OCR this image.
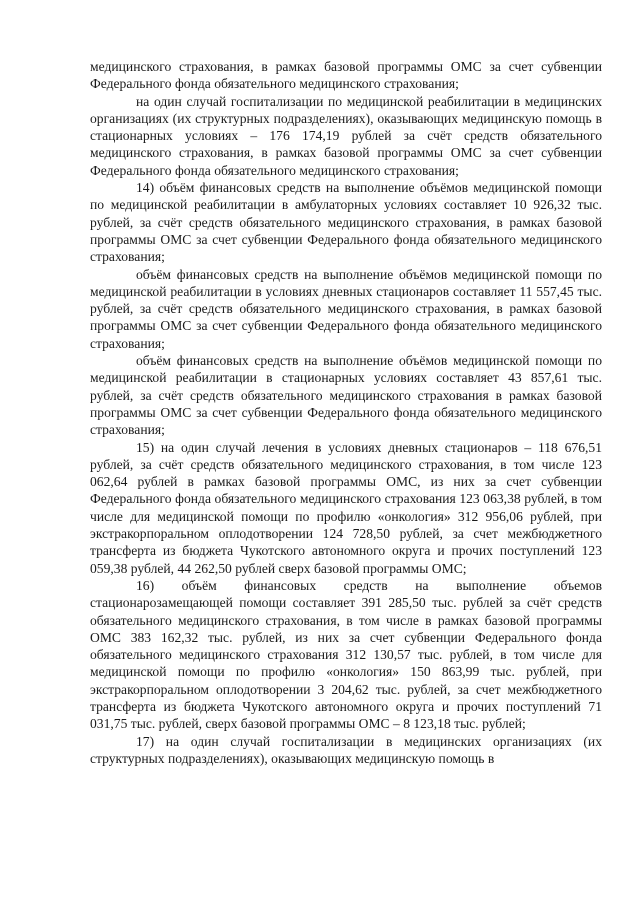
медицинского страхования, в рамках базовой программы ОМС за счет субвенции Федерального фонда обязательного медицинского страхования;

на один случай госпитализации по медицинской реабилитации в медицинских организациях (их структурных подразделениях), оказывающих медицинскую помощь в стационарных условиях – 176 174,19 рублей за счёт средств обязательного медицинского страхования, в рамках базовой программы ОМС за счет субвенции Федерального фонда обязательного медицинского страхования;

14) объём финансовых средств на выполнение объёмов медицинской помощи по медицинской реабилитации в амбулаторных условиях составляет 10 926,32 тыс. рублей, за счёт средств обязательного медицинского страхования, в рамках базовой программы ОМС за счет субвенции Федерального фонда обязательного медицинского страхования;

объём финансовых средств на выполнение объёмов медицинской помощи по медицинской реабилитации в условиях дневных стационаров составляет 11 557,45 тыс. рублей, за счёт средств обязательного медицинского страхования, в рамках базовой программы ОМС за счет субвенции Федерального фонда обязательного медицинского страхования;

объём финансовых средств на выполнение объёмов медицинской помощи по медицинской реабилитации в стационарных условиях составляет 43 857,61 тыс. рублей, за счёт средств обязательного медицинского страхования в рамках базовой программы ОМС за счет субвенции Федерального фонда обязательного медицинского страхования;

15) на один случай лечения в условиях дневных стационаров – 118 676,51 рублей, за счёт средств обязательного медицинского страхования, в том числе 123 062,64 рублей в рамках базовой программы ОМС, из них за счет субвенции Федерального фонда обязательного медицинского страхования 123 063,38 рублей, в том числе для медицинской помощи по профилю «онкология» 312 956,06 рублей, при экстракорпоральном оплодотворении 124 728,50 рублей, за счет межбюджетного трансферта из бюджета Чукотского автономного округа и прочих поступлений 123 059,38 рублей, 44 262,50 рублей сверх базовой программы ОМС;

16) объём финансовых средств на выполнение объемов стационарозамещающей помощи составляет 391 285,50 тыс. рублей за счёт средств обязательного медицинского страхования, в том числе в рамках базовой программы ОМС 383 162,32 тыс. рублей, из них за счет субвенции Федерального фонда обязательного медицинского страхования 312 130,57 тыс. рублей, в том числе для медицинской помощи по профилю «онкология» 150 863,99 тыс. рублей, при экстракорпоральном оплодотворении 3 204,62 тыс. рублей, за счет межбюджетного трансферта из бюджета Чукотского автономного округа и прочих поступлений 71 031,75 тыс. рублей, сверх базовой программы ОМС – 8 123,18 тыс. рублей;

17) на один случай госпитализации в медицинских организациях (их структурных подразделениях), оказывающих медицинскую помощь в
